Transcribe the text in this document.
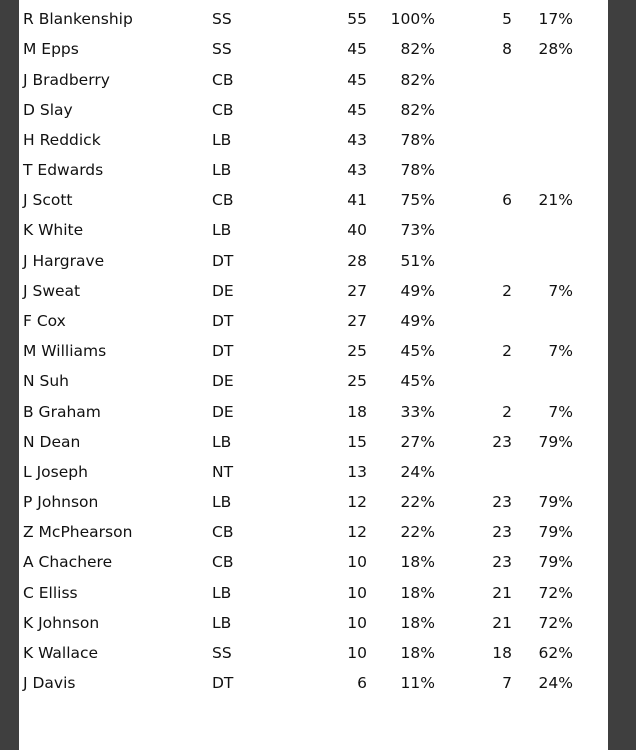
R Blankenship	SS	55 100%	5 17%
M Epps	SS	45 82%	8 28%
J Bradberry	CB	45 82%
D Slay	CB	45 82%
H Reddick	LB	43 78%
T Edwards	LB	43 78%
J Scott	CB	41 75%	6 21%
K White	LB	40 73%
J Hargrave	DT	28 51%
J Sweat	DE	27 49%	2 7%
F Cox	DT	27 49%
M Williams	DT	25 45%	2 7%
N Suh	DE	25 45%
B Graham	DE	18 33%	2 7%
N Dean	LB	15 27%	23 79%
L Joseph	NT	13 24%
P Johnson	LB	12 22%	23 79%
Z McPhearson	CB	12 22%	23 79%
A Chachere	CB	10 18%	23 79%
C Elliss	LB	10 18%	21 72%
K Johnson	LB	10 18%	21 72%
K Wallace	SS	10 18%	18 62%
J Davis	DT	6 11%	7 24%
